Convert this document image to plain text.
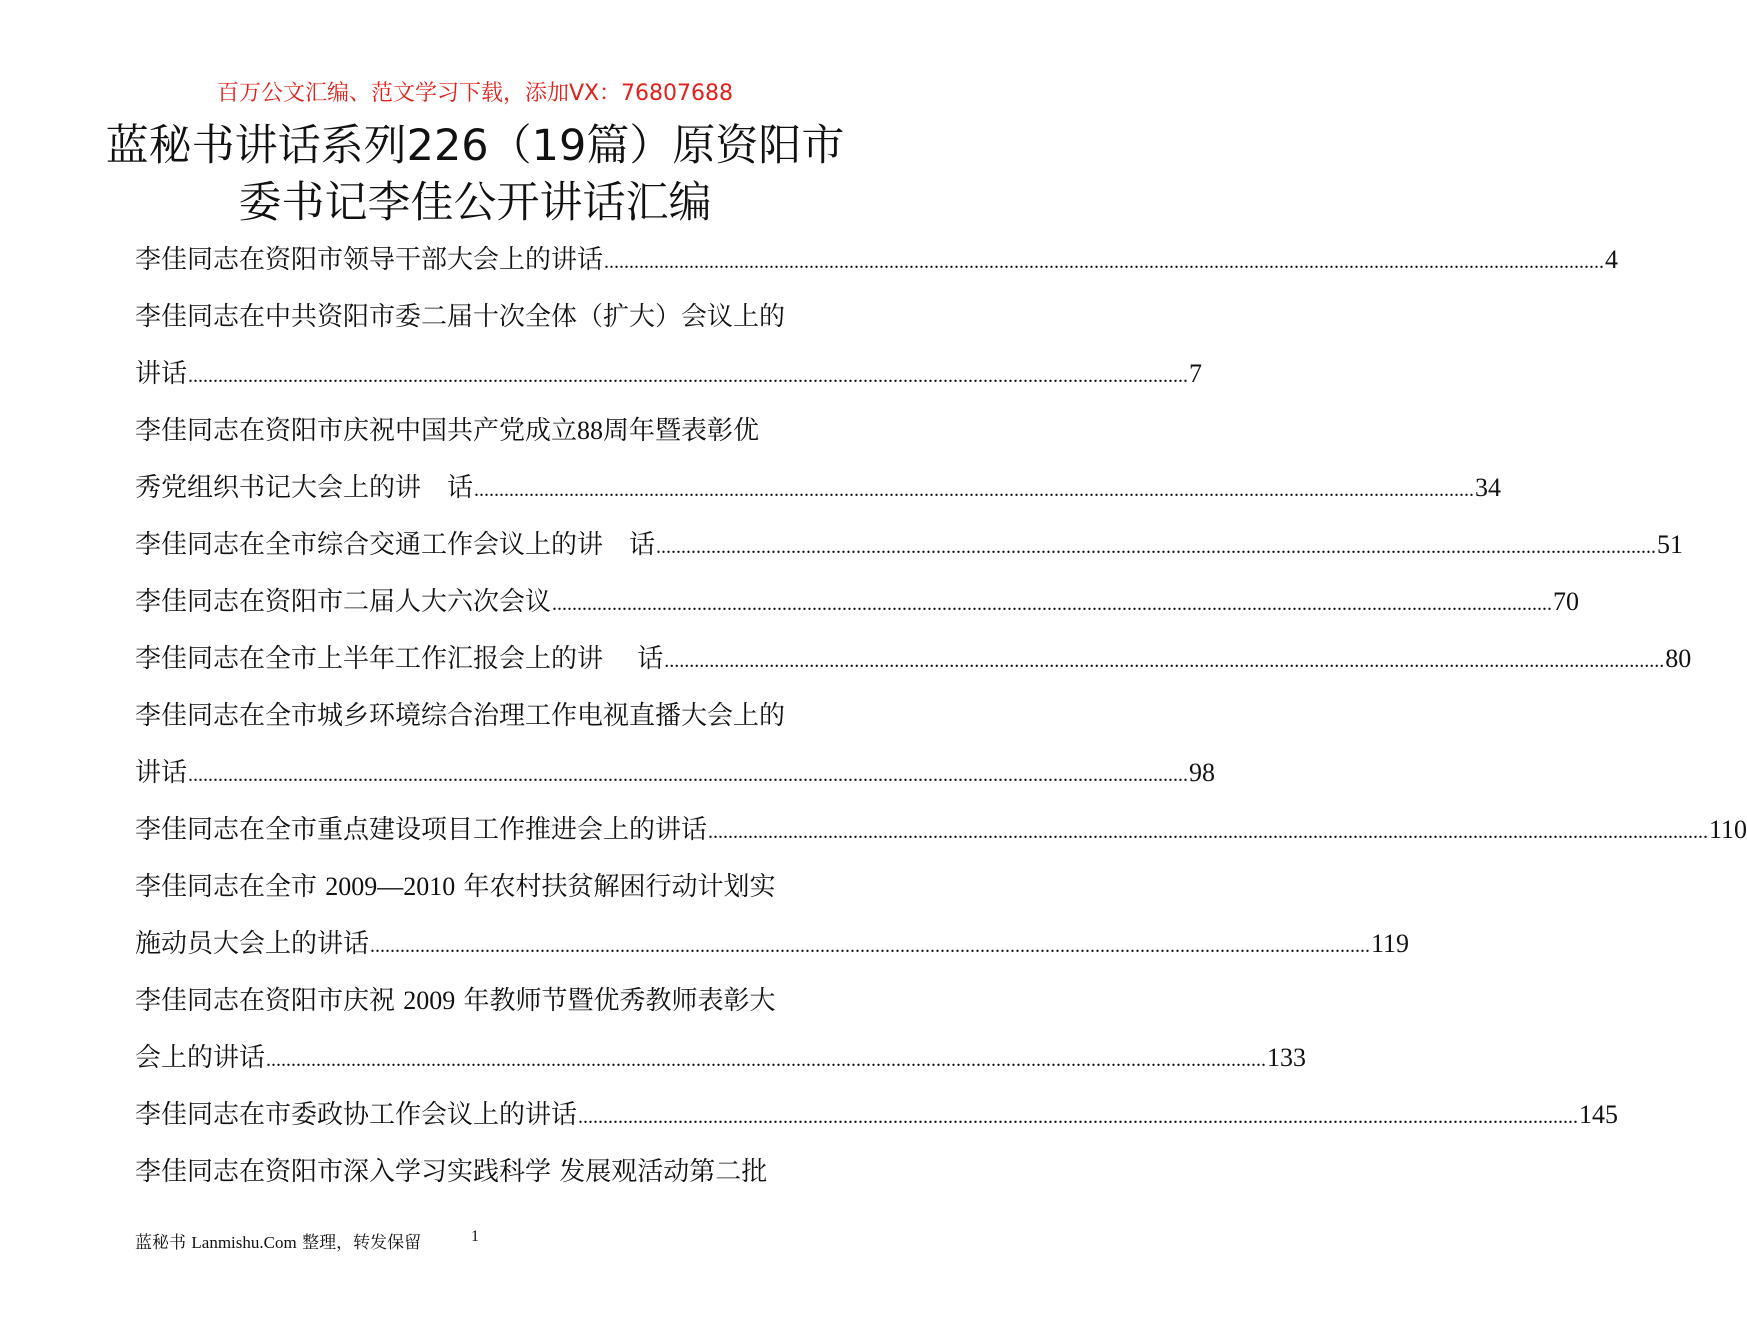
百万公文汇编、范文学习下载，添加VX：76807688
蓝秘书讲话系列226（19篇）原资阳市
委书记李佳公开讲话汇编
李佳同志在资阳市领导干部大会上的讲话 ........................................................................................................................................................................................................ 4
李佳同志在中共资阳市委二届十次全体（扩大）会议上的
讲话 ........................................................................................................................................................................................................ 7
李佳同志在资阳市庆祝中国共产党成立88周年暨表彰优
秀党组织书记大会上的讲　话 ........................................................................................................................................................................................................ 34
李佳同志在全市综合交通工作会议上的讲　话 ........................................................................................................................................................................................................ 51
李佳同志在资阳市二届人大六次会议 ........................................................................................................................................................................................................ 70
李佳同志在全市上半年工作汇报会上的讲　 话 ........................................................................................................................................................................................................ 80
李佳同志在全市城乡环境综合治理工作电视直播大会上的
讲话 ........................................................................................................................................................................................................ 98
李佳同志在全市重点建设项目工作推进会上的讲话 ........................................................................................................................................................................................................ 110
李佳同志在全市 2009—2010 年农村扶贫解困行动计划实
施动员大会上的讲话 ........................................................................................................................................................................................................ 119
李佳同志在资阳市庆祝 2009 年教师节暨优秀教师表彰大
会上的讲话 ........................................................................................................................................................................................................ 133
李佳同志在市委政协工作会议上的讲话 ........................................................................................................................................................................................................ 145
李佳同志在资阳市深入学习实践科学 发展观活动第二批
蓝秘书 Lanmishu.Com 整理，转发保留	1
